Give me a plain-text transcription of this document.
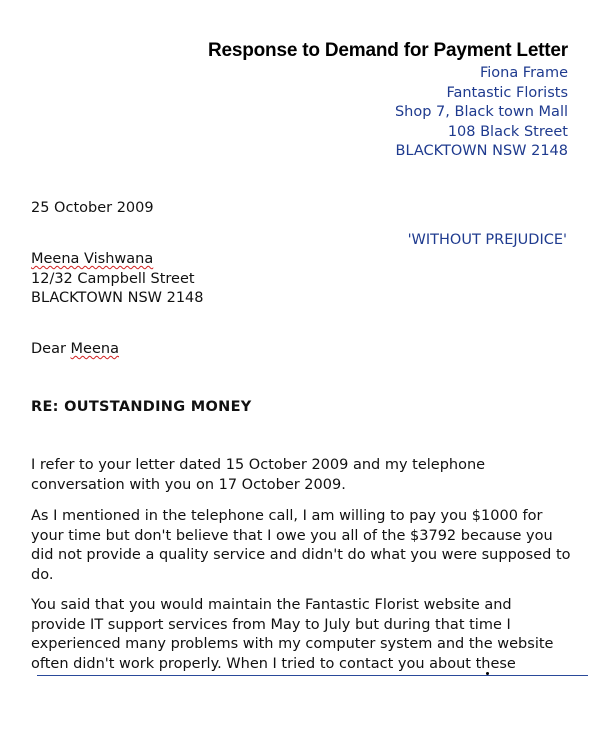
Response to Demand for Payment Letter
Fiona Frame
Fantastic Florists
Shop 7, Black town Mall
108 Black Street
BLACKTOWN NSW 2148
25 October 2009
'WITHOUT PREJUDICE'
Meena Vishwana
12/32 Campbell Street
BLACKTOWN NSW 2148
Dear Meena
RE: OUTSTANDING MONEY

I refer to your letter dated 15 October 2009 and my telephone conversation with you on 17 October 2009.

As I mentioned in the telephone call, I am willing to pay you $1000 for your time but don't believe that I owe you all of the $3792 because you did not provide a quality service and didn't do what you were supposed to do.

You said that you would maintain the Fantastic Florist website and
provide IT support services from May to July but during that time I
experienced many problems with my computer system and the website
often didn't work properly. When I tried to contact you about these
